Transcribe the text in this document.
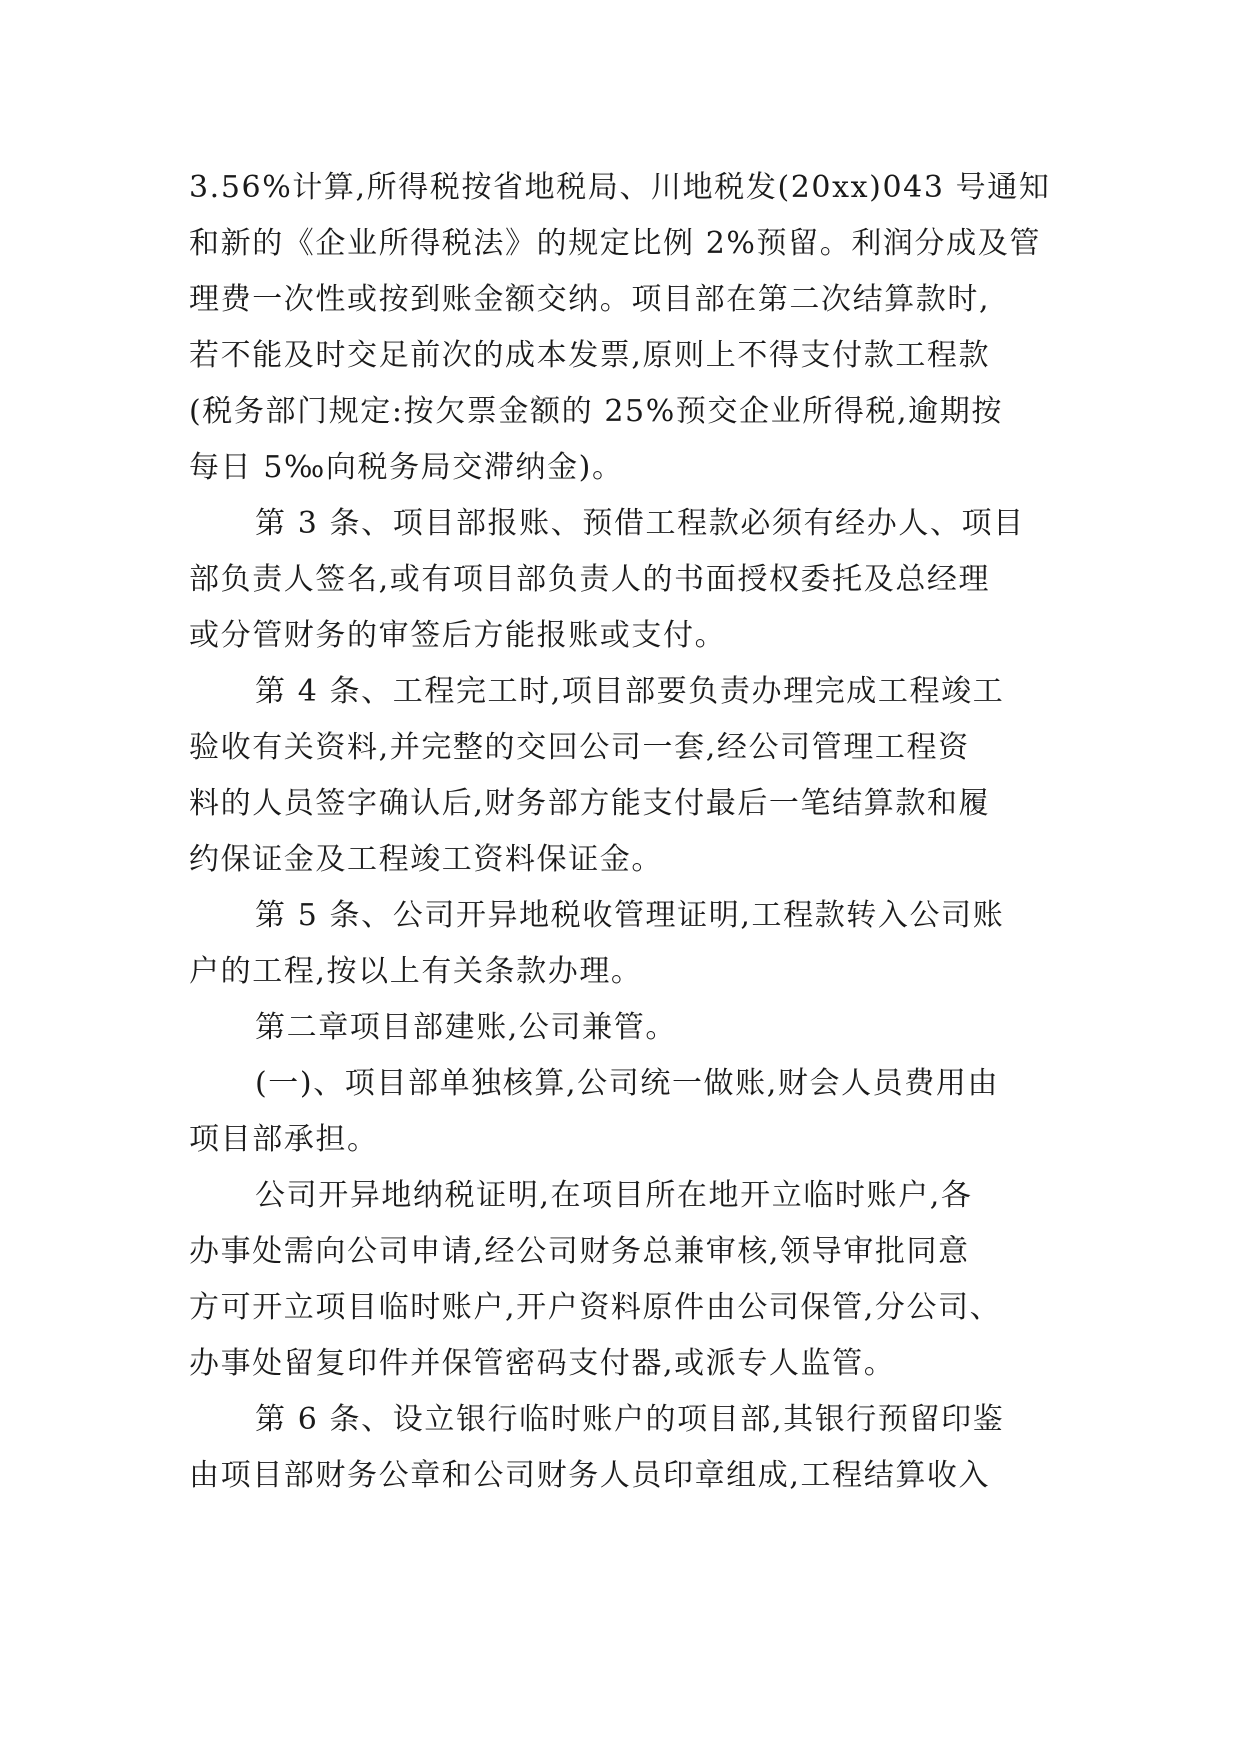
3.56%计算,所得税按省地税局、川地税发(20xx)043 号通知
和新的《企业所得税法》的规定比例 2%预留。利润分成及管
理费一次性或按到账金额交纳。项目部在第二次结算款时,
若不能及时交足前次的成本发票,原则上不得支付款工程款
(税务部门规定:按欠票金额的 25%预交企业所得税,逾期按
每日 5‰向税务局交滞纳金)。
第 3 条、项目部报账、预借工程款必须有经办人、项目
部负责人签名,或有项目部负责人的书面授权委托及总经理
或分管财务的审签后方能报账或支付。
第 4 条、工程完工时,项目部要负责办理完成工程竣工
验收有关资料,并完整的交回公司一套,经公司管理工程资
料的人员签字确认后,财务部方能支付最后一笔结算款和履
约保证金及工程竣工资料保证金。
第 5 条、公司开异地税收管理证明,工程款转入公司账
户的工程,按以上有关条款办理。
第二章项目部建账,公司兼管。
(一)、项目部单独核算,公司统一做账,财会人员费用由
项目部承担。
公司开异地纳税证明,在项目所在地开立临时账户,各
办事处需向公司申请,经公司财务总兼审核,领导审批同意
方可开立项目临时账户,开户资料原件由公司保管,分公司、
办事处留复印件并保管密码支付器,或派专人监管。
第 6 条、设立银行临时账户的项目部,其银行预留印鉴
由项目部财务公章和公司财务人员印章组成,工程结算收入
